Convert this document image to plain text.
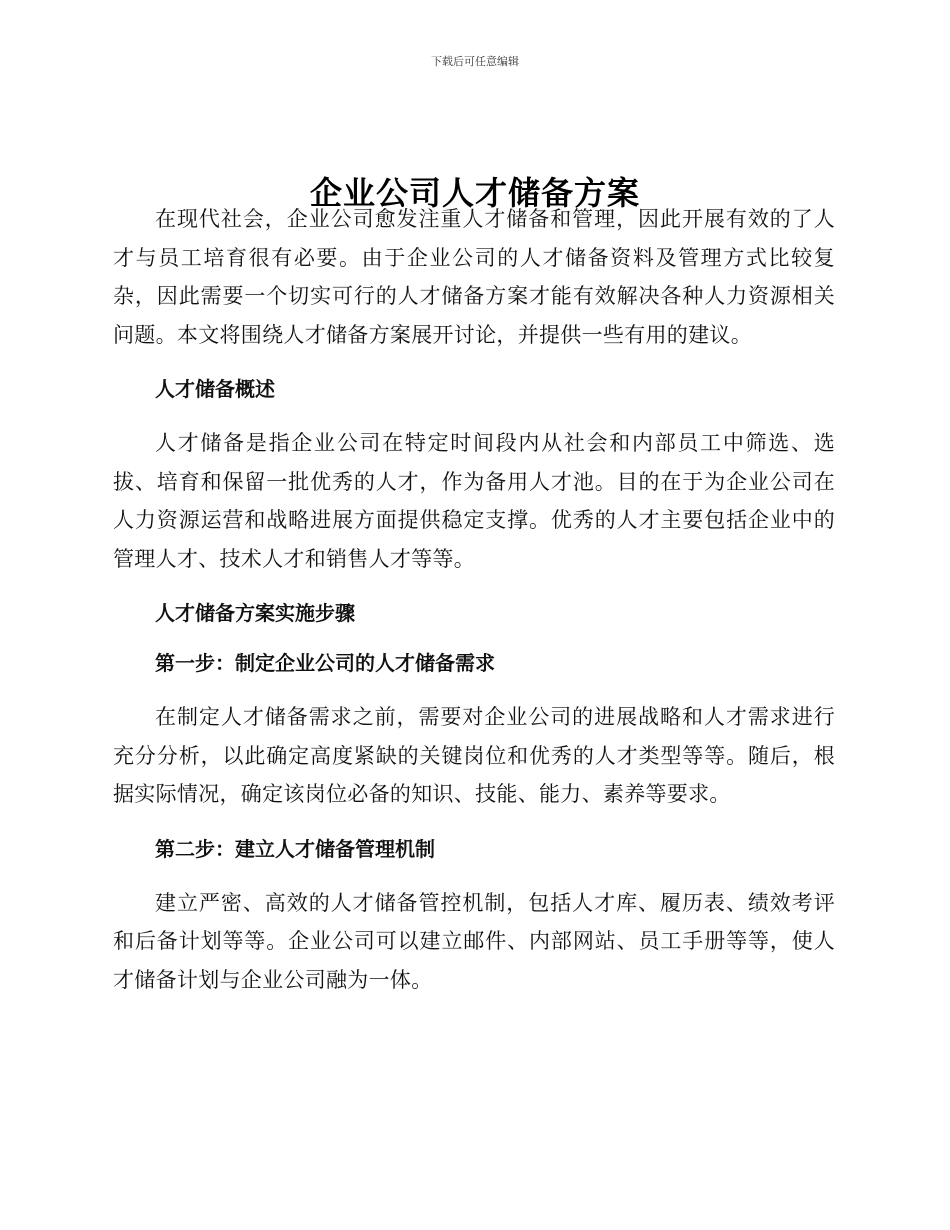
下载后可任意编辑
企业公司人才储备方案

在现代社会，企业公司愈发注重人才储备和管理，因此开展有效的了人才与员工培育很有必要。由于企业公司的人才储备资料及管理方式比较复杂，因此需要一个切实可行的人才储备方案才能有效解决各种人力资源相关问题。本文将围绕人才储备方案展开讨论，并提供一些有用的建议。

人才储备概述

人才储备是指企业公司在特定时间段内从社会和内部员工中筛选、选拔、培育和保留一批优秀的人才，作为备用人才池。目的在于为企业公司在人力资源运营和战略进展方面提供稳定支撑。优秀的人才主要包括企业中的管理人才、技术人才和销售人才等等。

人才储备方案实施步骤
第一步：制定企业公司的人才储备需求

在制定人才储备需求之前，需要对企业公司的进展战略和人才需求进行充分分析，以此确定高度紧缺的关键岗位和优秀的人才类型等等。随后，根据实际情况，确定该岗位必备的知识、技能、能力、素养等要求。

第二步：建立人才储备管理机制

建立严密、高效的人才储备管控机制，包括人才库、履历表、绩效考评和后备计划等等。企业公司可以建立邮件、内部网站、员工手册等等，使人才储备计划与企业公司融为一体。
